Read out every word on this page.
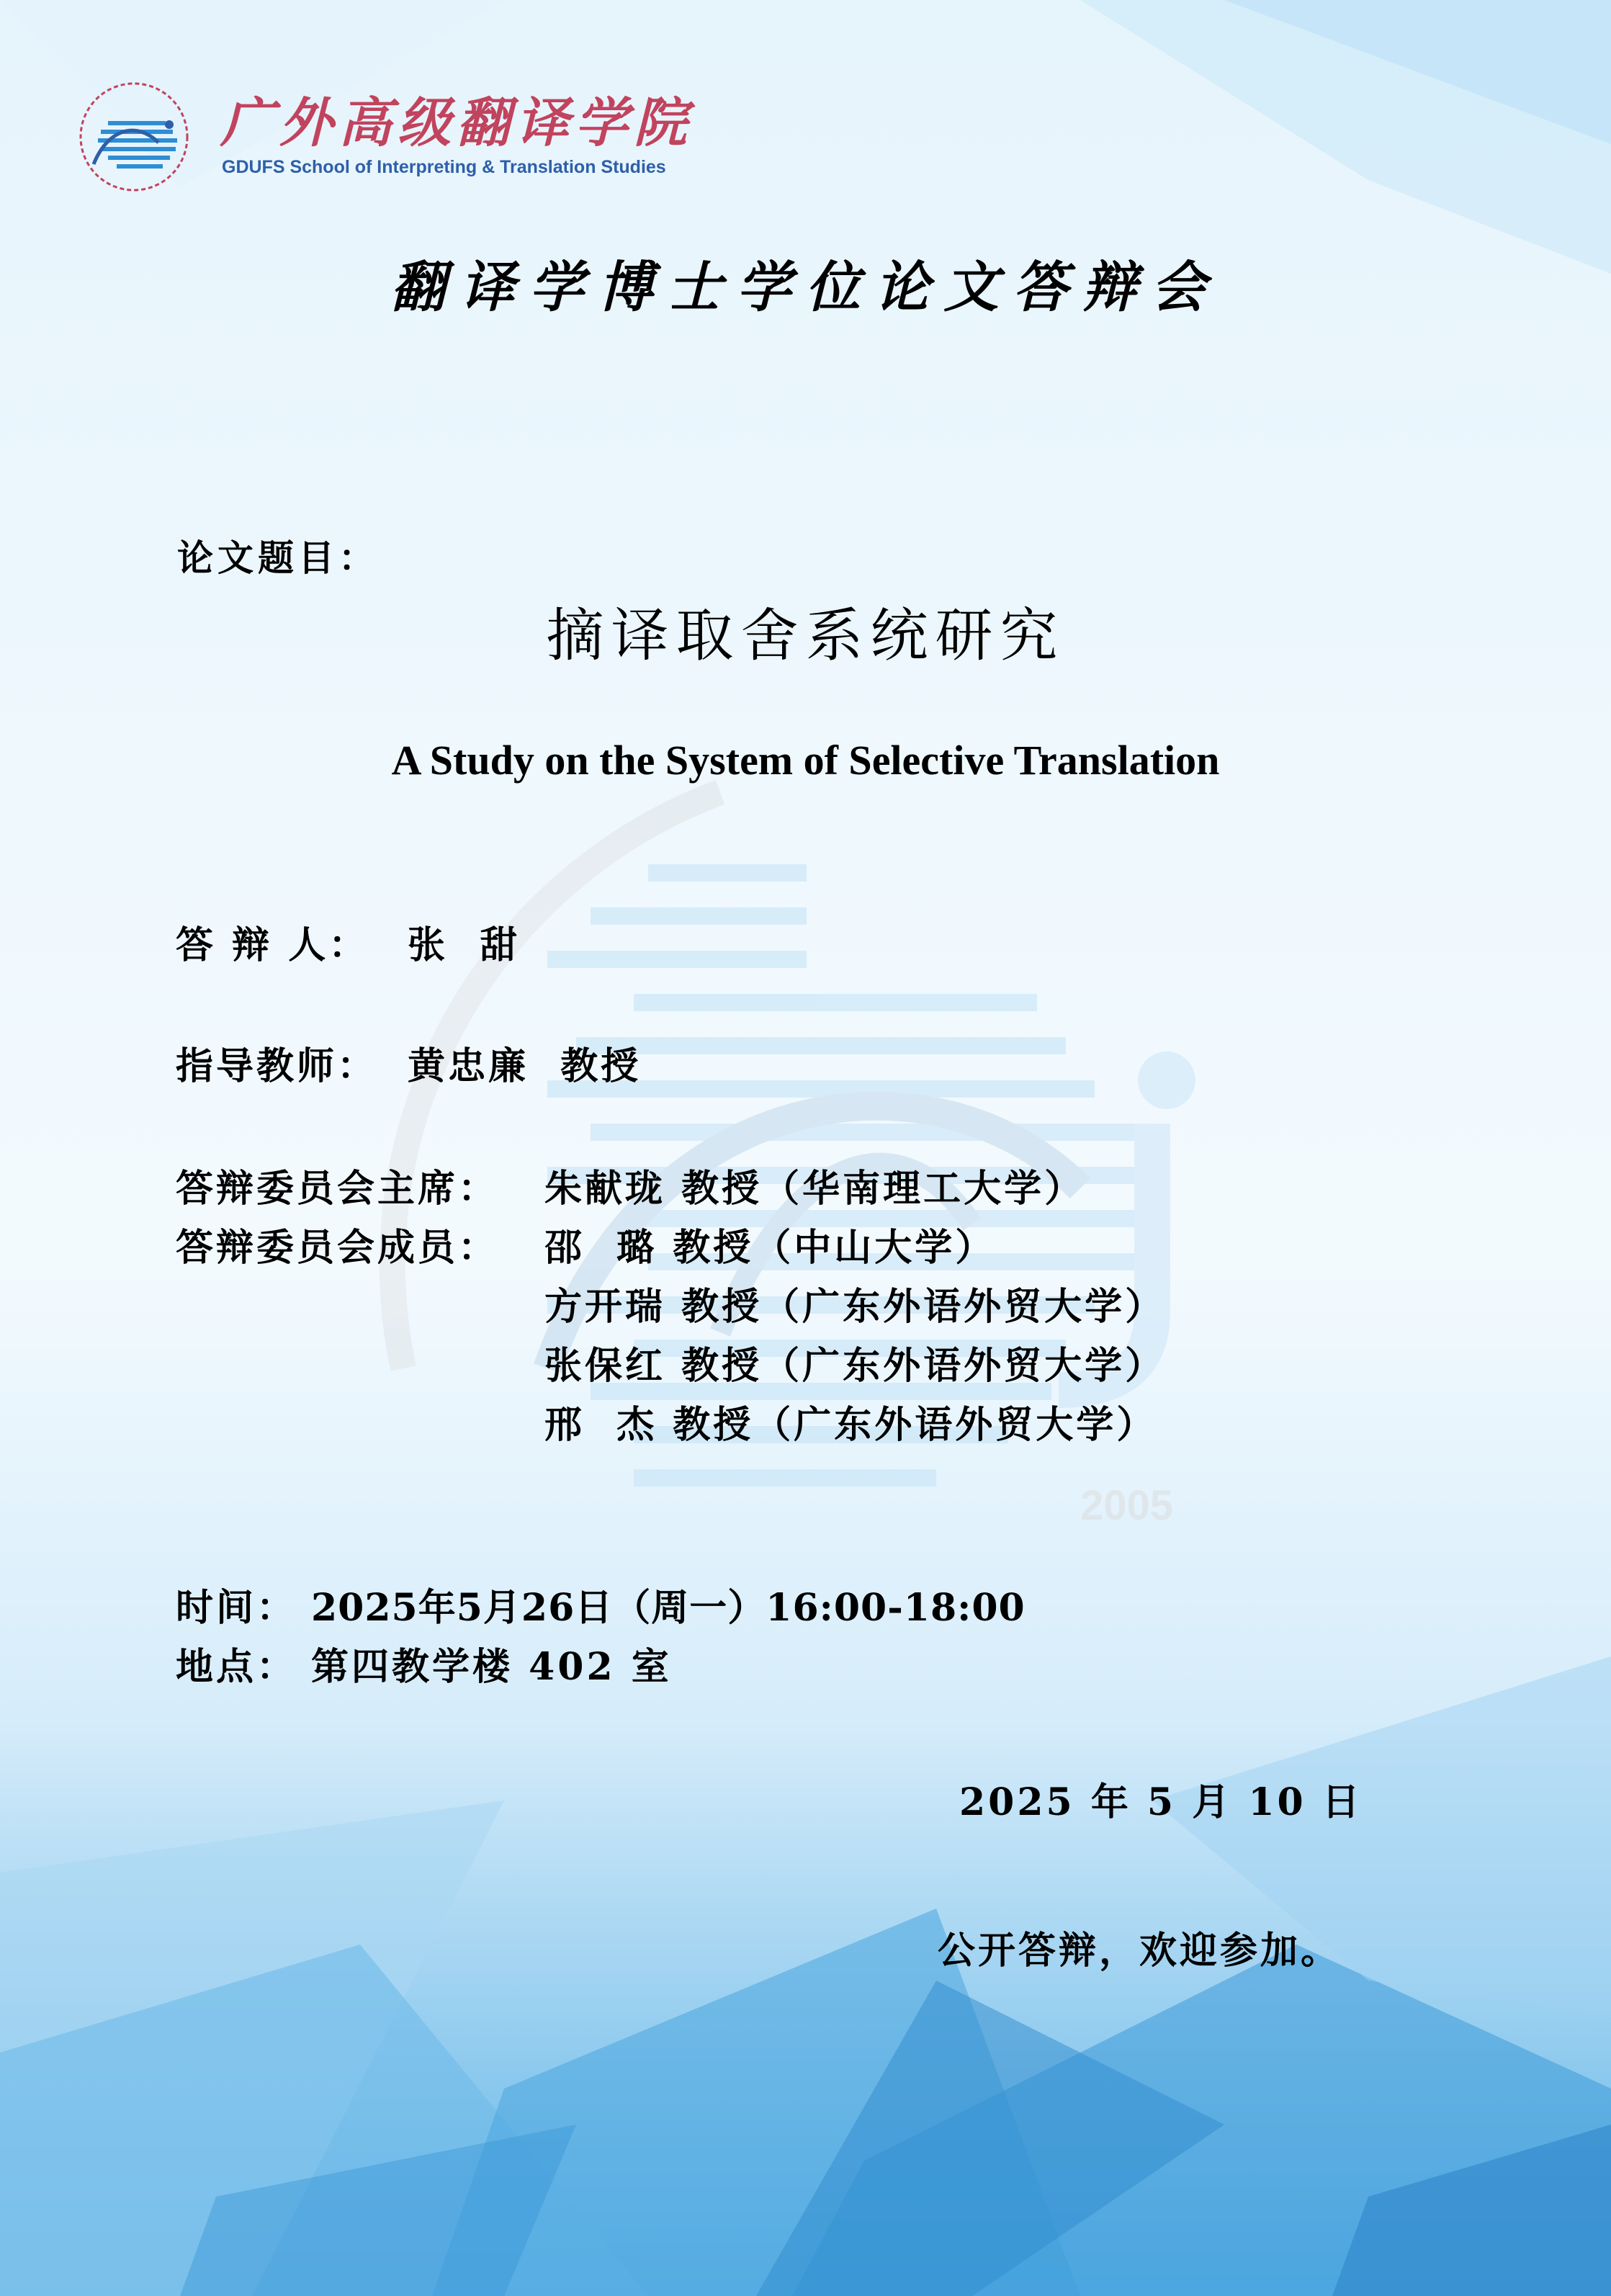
2005
广外高级翻译学院
GDUFS School of Interpreting & Translation Studies
翻译学博士学位论文答辩会
论文题目：
摘译取舍系统研究
A Study on the System of Selective Translation
答 辩 人： 张  甜
指导教师： 黄忠廉  教授
答辩委员会主席： 朱献珑 教授（华南理工大学）
答辩委员会成员： 邵  璐 教授（中山大学）
方开瑞 教授（广东外语外贸大学）
张保红 教授（广东外语外贸大学）
邢  杰 教授（广东外语外贸大学）
时间： 2025年5月26日（周一）16:00-18:00
地点： 第四教学楼 402 室
2025 年 5 月 10 日
公开答辩，欢迎参加。
